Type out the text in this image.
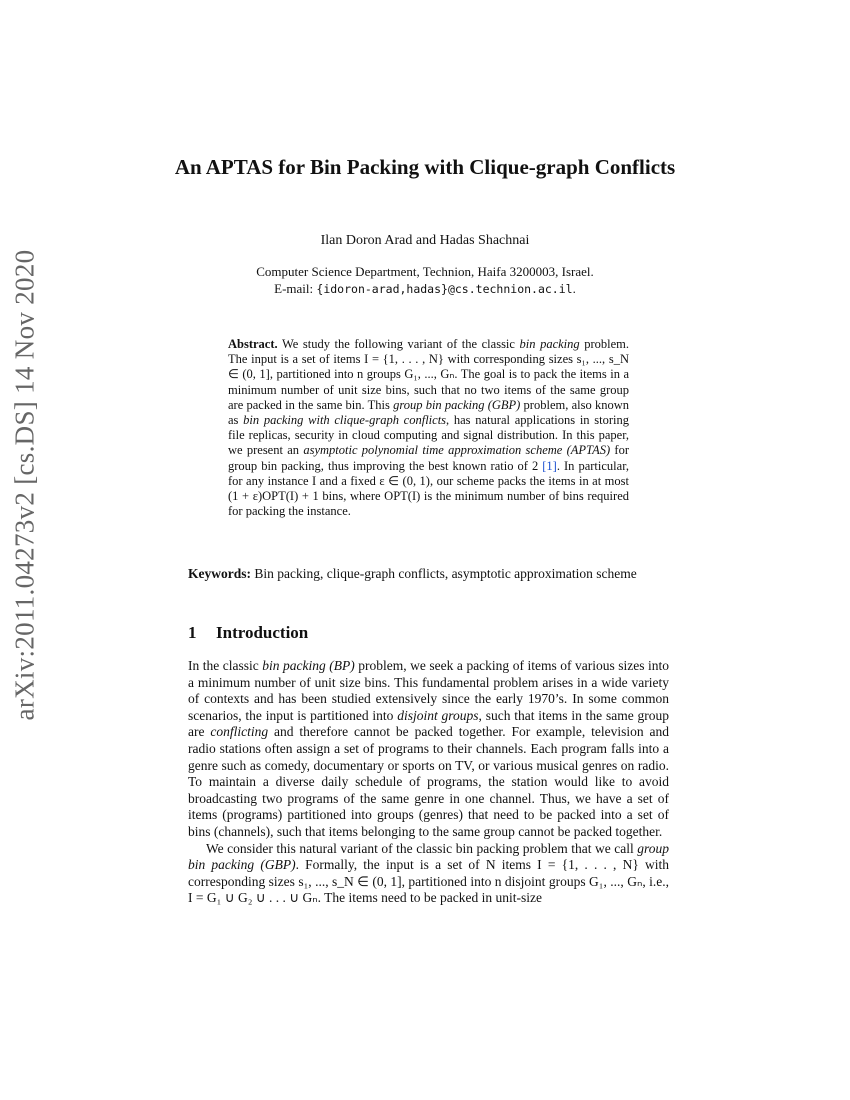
arXiv:2011.04273v2 [cs.DS] 14 Nov 2020
An APTAS for Bin Packing with Clique-graph Conflicts
Ilan Doron Arad and Hadas Shachnai
Computer Science Department, Technion, Haifa 3200003, Israel.
E-mail: {idoron-arad,hadas}@cs.technion.ac.il.
Abstract. We study the following variant of the classic bin packing problem. The input is a set of items I = {1, . . . , N} with corresponding sizes s₁, ..., s_N ∈ (0, 1], partitioned into n groups G₁, ..., Gₙ. The goal is to pack the items in a minimum number of unit size bins, such that no two items of the same group are packed in the same bin. This group bin packing (GBP) problem, also known as bin packing with clique-graph conflicts, has natural applications in storing file replicas, security in cloud computing and signal distribution. In this paper, we present an asymptotic polynomial time approximation scheme (APTAS) for group bin packing, thus improving the best known ratio of 2 [1]. In particular, for any instance I and a fixed ε ∈ (0, 1), our scheme packs the items in at most (1 + ε)OPT(I) + 1 bins, where OPT(I) is the minimum number of bins required for packing the instance.
Keywords: Bin packing, clique-graph conflicts, asymptotic approximation scheme
1 Introduction

In the classic bin packing (BP) problem, we seek a packing of items of various sizes into a minimum number of unit size bins. This fundamental problem arises in a wide variety of contexts and has been studied extensively since the early 1970’s. In some common scenarios, the input is partitioned into disjoint groups, such that items in the same group are conflicting and therefore cannot be packed together. For example, television and radio stations often assign a set of programs to their channels. Each program falls into a genre such as comedy, documentary or sports on TV, or various musical genres on radio. To maintain a diverse daily schedule of programs, the station would like to avoid broadcasting two programs of the same genre in one channel. Thus, we have a set of items (programs) partitioned into groups (genres) that need to be packed into a set of bins (channels), such that items belonging to the same group cannot be packed together.

We consider this natural variant of the classic bin packing problem that we call group bin packing (GBP). Formally, the input is a set of N items I = {1, . . . , N} with corresponding sizes s₁, ..., s_N ∈ (0, 1], partitioned into n disjoint groups G₁, ..., Gₙ, i.e., I = G₁ ∪ G₂ ∪ . . . ∪ Gₙ. The items need to be packed in unit-size
